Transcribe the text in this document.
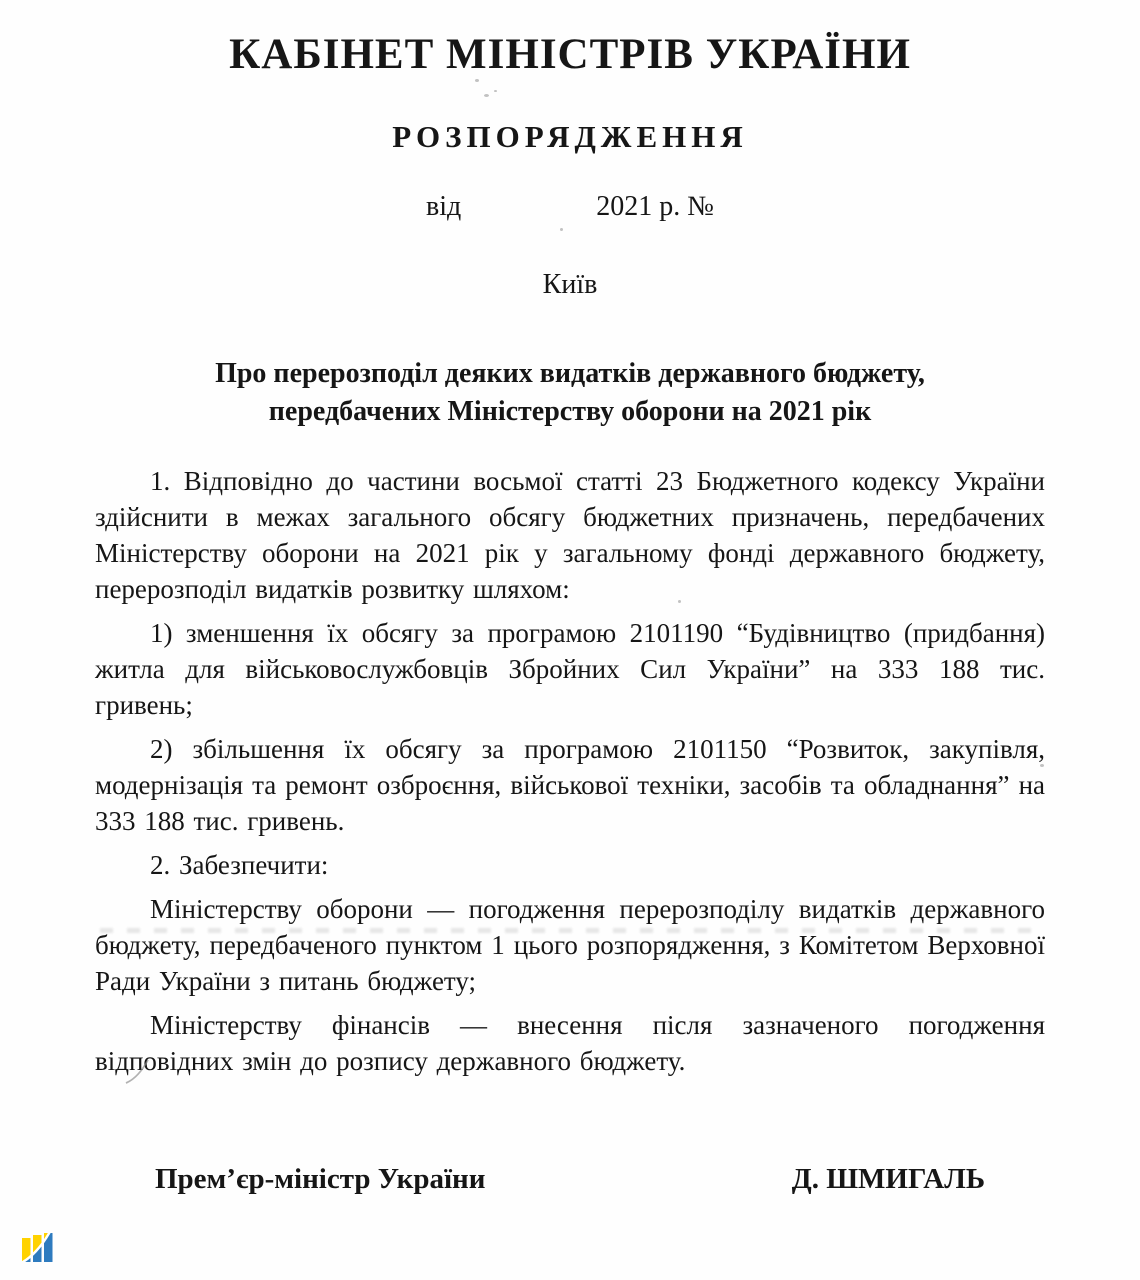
КАБІНЕТ МІНІСТРІВ УКРАЇНИ
РОЗПОРЯДЖЕННЯ
від	2021 р. №
Київ
Про перерозподіл деяких видатків державного бюджету,
передбачених Міністерству оборони на 2021 рік

1. Відповідно до частини восьмої статті 23 Бюджетного кодексу України здійснити в межах загального обсягу бюджетних призначень, передбачених Міністерству оборони на 2021 рік у загальному фонді державного бюджету, перерозподіл видатків розвитку шляхом:

1) зменшення їх обсягу за програмою 2101190 “Будівництво (придбання) житла для військовослужбовців Збройних Сил України” на 333 188 тис. гривень;

2) збільшення їх обсягу за програмою 2101150 “Розвиток, закупівля, модернізація та ремонт озброєння, військової техніки, засобів та обладнання” на 333 188 тис. гривень.

2. Забезпечити:

Міністерству оборони — погодження перерозподілу видатків державного бюджету, передбаченого пунктом 1 цього розпорядження, з Комітетом Верховної Ради України з питань бюджету;

Міністерству фінансів — внесення після зазначеного погодження відповідних змін до розпису державного бюджету.

Прем’єр-міністр України	Д. ШМИГАЛЬ
